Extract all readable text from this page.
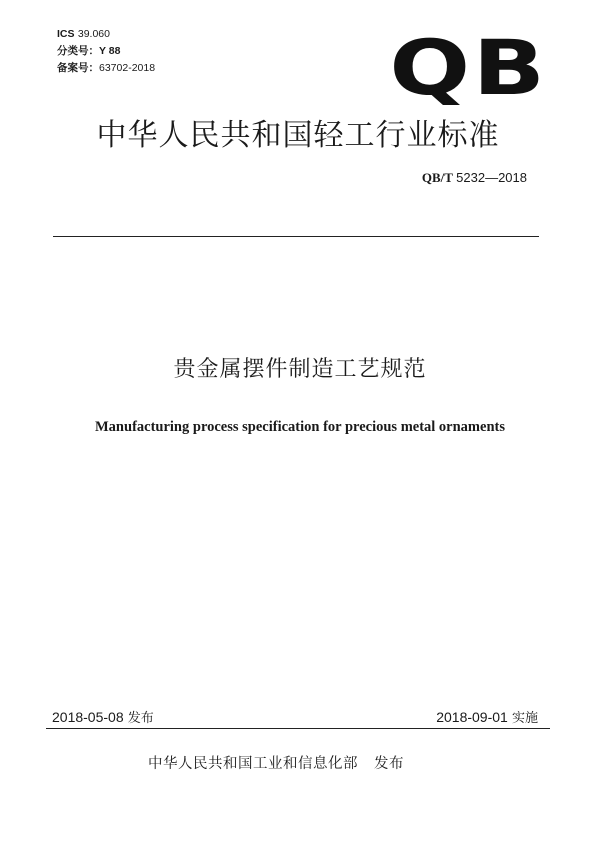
ICS 39.060
分类号：Y 88
备案号：63702-2018	QB
中华人民共和国轻工行业标准
QB/T 5232—2018
贵金属摆件制造工艺规范
Manufacturing process specification for precious metal ornaments
2018-05-08 发布	2018-09-01 实施
中华人民共和国工业和信息化部 发布
